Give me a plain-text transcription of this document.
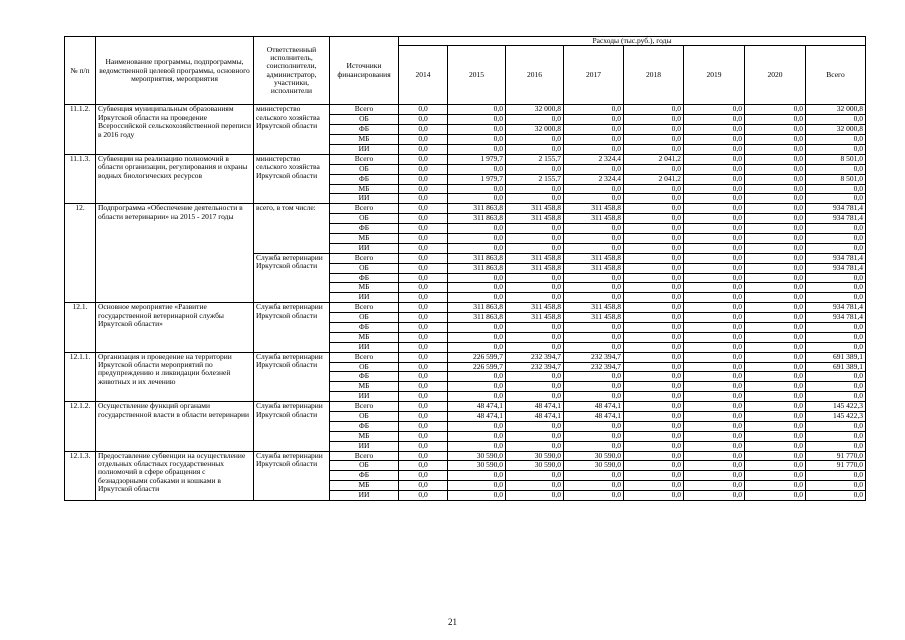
№ п/п	Наименование программы, подпрограммы, ведомственной целевой программы, основного мероприятия, мероприятия	Ответственный исполнитель, соисполнители, администратор, участники, исполнители	Источники финансирования	Расходы (тыс.руб.), годы							
				2014	2015	2016	2017	2018	2019	2020	Всего
11.1.2.	Субвенция муниципальным образованиям Иркутской области на проведение Всероссийской сельскохозяйственной переписи в 2016 году	министерство сельского хозяйства Иркутской области	Всего	0,0	0,0	32 000,8	0,0	0,0	0,0	0,0	32 000,8
			ОБ	0,0	0,0	0,0	0,0	0,0	0,0	0,0	0,0
			ФБ	0,0	0,0	32 000,8	0,0	0,0	0,0	0,0	32 000,8
			МБ	0,0	0,0	0,0	0,0	0,0	0,0	0,0	0,0
			ИИ	0,0	0,0	0,0	0,0	0,0	0,0	0,0	0,0
11.1.3.	Субвенции на реализацию полномочий в области организации, регулирования и охраны водных биологических ресурсов	министерство сельского хозяйства Иркутской области	Всего	0,0	1 979,7	2 155,7	2 324,4	2 041,2	0,0	0,0	8 501,0
			ОБ	0,0	0,0	0,0	0,0	0,0	0,0	0,0	0,0
			ФБ	0,0	1 979,7	2 155,7	2 324,4	2 041,2	0,0	0,0	8 501,0
			МБ	0,0	0,0	0,0	0,0	0,0	0,0	0,0	0,0
			ИИ	0,0	0,0	0,0	0,0	0,0	0,0	0,0	0,0
12.	Подпрограмма «Обеспечение деятельности в области ветеринарии» на 2015 - 2017 годы	всего, в том числе:	Всего	0,0	311 863,8	311 458,8	311 458,8	0,0	0,0	0,0	934 781,4
			ОБ	0,0	311 863,8	311 458,8	311 458,8	0,0	0,0	0,0	934 781,4
			ФБ	0,0	0,0	0,0	0,0	0,0	0,0	0,0	0,0
			МБ	0,0	0,0	0,0	0,0	0,0	0,0	0,0	0,0
			ИИ	0,0	0,0	0,0	0,0	0,0	0,0	0,0	0,0
		Служба ветеринарии Иркутской области	Всего	0,0	311 863,8	311 458,8	311 458,8	0,0	0,0	0,0	934 781,4
			ОБ	0,0	311 863,8	311 458,8	311 458,8	0,0	0,0	0,0	934 781,4
			ФБ	0,0	0,0	0,0	0,0	0,0	0,0	0,0	0,0
			МБ	0,0	0,0	0,0	0,0	0,0	0,0	0,0	0,0
			ИИ	0,0	0,0	0,0	0,0	0,0	0,0	0,0	0,0
12.1.	Основное мероприятие «Развитие государственной ветеринарной службы Иркутской области»	Служба ветеринарии Иркутской области	Всего	0,0	311 863,8	311 458,8	311 458,8	0,0	0,0	0,0	934 781,4
			ОБ	0,0	311 863,8	311 458,8	311 458,8	0,0	0,0	0,0	934 781,4
			ФБ	0,0	0,0	0,0	0,0	0,0	0,0	0,0	0,0
			МБ	0,0	0,0	0,0	0,0	0,0	0,0	0,0	0,0
			ИИ	0,0	0,0	0,0	0,0	0,0	0,0	0,0	0,0
12.1.1.	Организация и проведение на территории Иркутской области мероприятий по предупреждению и ликвидации болезней животных и их лечению	Служба ветеринарии Иркутской области	Всего	0,0	226 599,7	232 394,7	232 394,7	0,0	0,0	0,0	691 389,1
			ОБ	0,0	226 599,7	232 394,7	232 394,7	0,0	0,0	0,0	691 389,1
			ФБ	0,0	0,0	0,0	0,0	0,0	0,0	0,0	0,0
			МБ	0,0	0,0	0,0	0,0	0,0	0,0	0,0	0,0
			ИИ	0,0	0,0	0,0	0,0	0,0	0,0	0,0	0,0
12.1.2.	Осуществление функций органами государственной власти в области ветеринарии	Служба ветеринарии Иркутской области	Всего	0,0	48 474,1	48 474,1	48 474,1	0,0	0,0	0,0	145 422,3
			ОБ	0,0	48 474,1	48 474,1	48 474,1	0,0	0,0	0,0	145 422,3
			ФБ	0,0	0,0	0,0	0,0	0,0	0,0	0,0	0,0
			МБ	0,0	0,0	0,0	0,0	0,0	0,0	0,0	0,0
			ИИ	0,0	0,0	0,0	0,0	0,0	0,0	0,0	0,0
12.1.3.	Предоставление субвенции на осуществление отдельных областных государственных полномочий в сфере обращения с безнадзорными собаками и кошками в Иркутской области	Служба ветеринарии Иркутской области	Всего	0,0	30 590,0	30 590,0	30 590,0	0,0	0,0	0,0	91 770,0
			ОБ	0,0	30 590,0	30 590,0	30 590,0	0,0	0,0	0,0	91 770,0
			ФБ	0,0	0,0	0,0	0,0	0,0	0,0	0,0	0,0
			МБ	0,0	0,0	0,0	0,0	0,0	0,0	0,0	0,0
			ИИ	0,0	0,0	0,0	0,0	0,0	0,0	0,0	0,0
21
